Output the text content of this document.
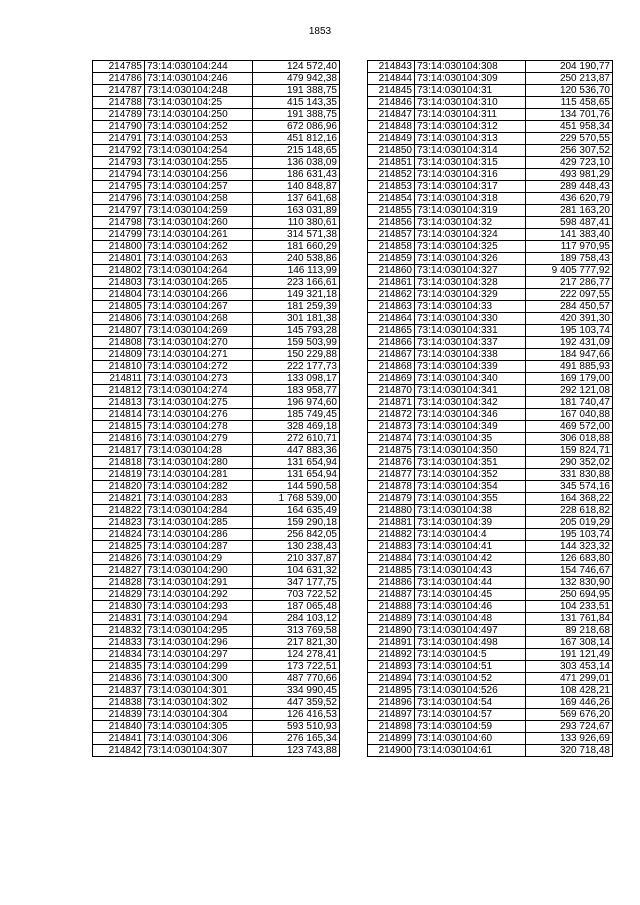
1853
214785	73:14:030104:244	124 572,40
214786	73:14:030104:246	479 942,38
214787	73:14:030104:248	191 388,75
214788	73:14:030104:25	415 143,35
214789	73:14:030104:250	191 388,75
214790	73:14:030104:252	672 086,96
214791	73:14:030104:253	451 812,16
214792	73:14:030104:254	215 148,65
214793	73:14:030104:255	136 038,09
214794	73:14:030104:256	186 631,43
214795	73:14:030104:257	140 848,87
214796	73:14:030104:258	137 641,68
214797	73:14:030104:259	163 031,89
214798	73:14:030104:260	110 380,61
214799	73:14:030104:261	314 571,38
214800	73:14:030104:262	181 660,29
214801	73:14:030104:263	240 538,86
214802	73:14:030104:264	146 113,99
214803	73:14:030104:265	223 166,61
214804	73:14:030104:266	149 321,18
214805	73:14:030104:267	181 259,39
214806	73:14:030104:268	301 181,38
214807	73:14:030104:269	145 793,28
214808	73:14:030104:270	159 503,99
214809	73:14:030104:271	150 229,88
214810	73:14:030104:272	222 177,73
214811	73:14:030104:273	133 098,17
214812	73:14:030104:274	183 958,77
214813	73:14:030104:275	196 974,60
214814	73:14:030104:276	185 749,45
214815	73:14:030104:278	328 469,18
214816	73:14:030104:279	272 610,71
214817	73:14:030104:28	447 883,36
214818	73:14:030104:280	131 654,94
214819	73:14:030104:281	131 654,94
214820	73:14:030104:282	144 590,58
214821	73:14:030104:283	1 768 539,00
214822	73:14:030104:284	164 635,49
214823	73:14:030104:285	159 290,18
214824	73:14:030104:286	256 842,05
214825	73:14:030104:287	130 238,43
214826	73:14:030104:29	210 337,87
214827	73:14:030104:290	104 631,32
214828	73:14:030104:291	347 177,75
214829	73:14:030104:292	703 722,52
214830	73:14:030104:293	187 065,48
214831	73:14:030104:294	284 103,12
214832	73:14:030104:295	313 769,58
214833	73:14:030104:296	217 821,30
214834	73:14:030104:297	124 278,41
214835	73:14:030104:299	173 722,51
214836	73:14:030104:300	487 770,66
214837	73:14:030104:301	334 990,45
214838	73:14:030104:302	447 359,52
214839	73:14:030104:304	126 416,53
214840	73:14:030104:305	593 510,93
214841	73:14:030104:306	276 165,34
214842	73:14:030104:307	123 743,88
214843	73:14:030104:308	204 190,77
214844	73:14:030104:309	250 213,87
214845	73:14:030104:31	120 536,70
214846	73:14:030104:310	115 458,65
214847	73:14:030104:311	134 701,76
214848	73:14:030104:312	451 958,34
214849	73:14:030104:313	229 570,55
214850	73:14:030104:314	256 307,52
214851	73:14:030104:315	429 723,10
214852	73:14:030104:316	493 981,29
214853	73:14:030104:317	289 448,43
214854	73:14:030104:318	436 620,79
214855	73:14:030104:319	281 163,20
214856	73:14:030104:32	598 487,41
214857	73:14:030104:324	141 383,40
214858	73:14:030104:325	117 970,95
214859	73:14:030104:326	189 758,43
214860	73:14:030104:327	9 405 777,92
214861	73:14:030104:328	217 286,77
214862	73:14:030104:329	222 097,55
214863	73:14:030104:33	284 450,57
214864	73:14:030104:330	420 391,30
214865	73:14:030104:331	195 103,74
214866	73:14:030104:337	192 431,09
214867	73:14:030104:338	184 947,66
214868	73:14:030104:339	491 885,93
214869	73:14:030104:340	169 179,00
214870	73:14:030104:341	292 121,08
214871	73:14:030104:342	181 740,47
214872	73:14:030104:346	167 040,88
214873	73:14:030104:349	469 572,00
214874	73:14:030104:35	306 018,88
214875	73:14:030104:350	159 824,71
214876	73:14:030104:351	290 352,02
214877	73:14:030104:352	331 830,88
214878	73:14:030104:354	345 574,16
214879	73:14:030104:355	164 368,22
214880	73:14:030104:38	228 618,82
214881	73:14:030104:39	205 019,29
214882	73:14:030104:4	195 103,74
214883	73:14:030104:41	144 323,32
214884	73:14:030104:42	126 683,80
214885	73:14:030104:43	154 746,67
214886	73:14:030104:44	132 830,90
214887	73:14:030104:45	250 694,95
214888	73:14:030104:46	104 233,51
214889	73:14:030104:48	131 761,84
214890	73:14:030104:497	89 218,68
214891	73:14:030104:498	167 308,14
214892	73:14:030104:5	191 121,49
214893	73:14:030104:51	303 453,14
214894	73:14:030104:52	471 299,01
214895	73:14:030104:526	108 428,21
214896	73:14:030104:54	169 446,26
214897	73:14:030104:57	569 676,20
214898	73:14:030104:59	293 724,67
214899	73:14:030104:60	133 926,69
214900	73:14:030104:61	320 718,48
